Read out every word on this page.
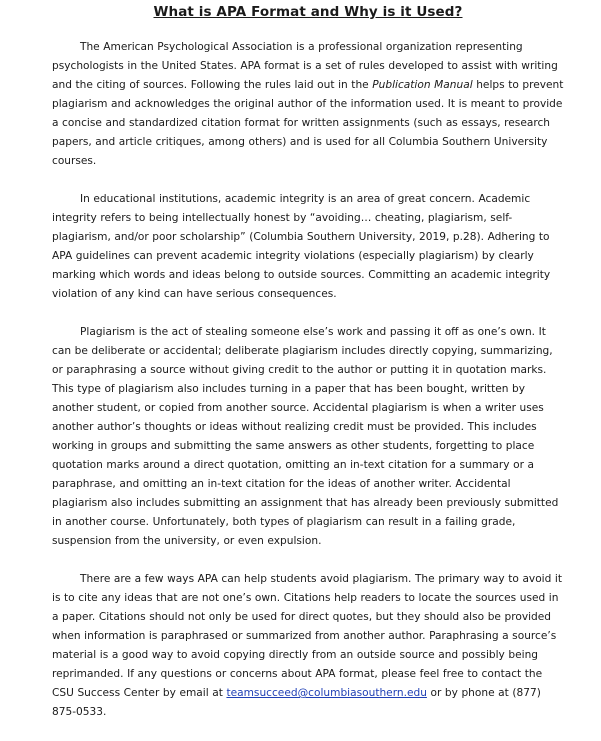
What is APA Format and Why is it Used?
The American Psychological Association is a professional organization representing psychologists in the United States. APA format is a set of rules developed to assist with writing and the citing of sources. Following the rules laid out in the Publication Manual helps to prevent plagiarism and acknowledges the original author of the information used. It is meant to provide a concise and standardized citation format for written assignments (such as essays, research papers, and article critiques, among others) and is used for all Columbia Southern University courses.
In educational institutions, academic integrity is an area of great concern. Academic integrity refers to being intellectually honest by “avoiding… cheating, plagiarism, self-plagiarism, and/or poor scholarship” (Columbia Southern University, 2019, p.28). Adhering to APA guidelines can prevent academic integrity violations (especially plagiarism) by clearly marking which words and ideas belong to outside sources. Committing an academic integrity violation of any kind can have serious consequences.
Plagiarism is the act of stealing someone else’s work and passing it off as one’s own. It can be deliberate or accidental; deliberate plagiarism includes directly copying, summarizing, or paraphrasing a source without giving credit to the author or putting it in quotation marks. This type of plagiarism also includes turning in a paper that has been bought, written by another student, or copied from another source. Accidental plagiarism is when a writer uses another author’s thoughts or ideas without realizing credit must be provided. This includes working in groups and submitting the same answers as other students, forgetting to place quotation marks around a direct quotation, omitting an in-text citation for a summary or a paraphrase, and omitting an in-text citation for the ideas of another writer. Accidental plagiarism also includes submitting an assignment that has already been previously submitted in another course. Unfortunately, both types of plagiarism can result in a failing grade, suspension from the university, or even expulsion.
There are a few ways APA can help students avoid plagiarism. The primary way to avoid it is to cite any ideas that are not one’s own. Citations help readers to locate the sources used in a paper. Citations should not only be used for direct quotes, but they should also be provided when information is paraphrased or summarized from another author. Paraphrasing a source’s material is a good way to avoid copying directly from an outside source and possibly being reprimanded. If any questions or concerns about APA format, please feel free to contact the CSU Success Center by email at teamsucceed@columbiasouthern.edu or by phone at (877) 875-0533.
